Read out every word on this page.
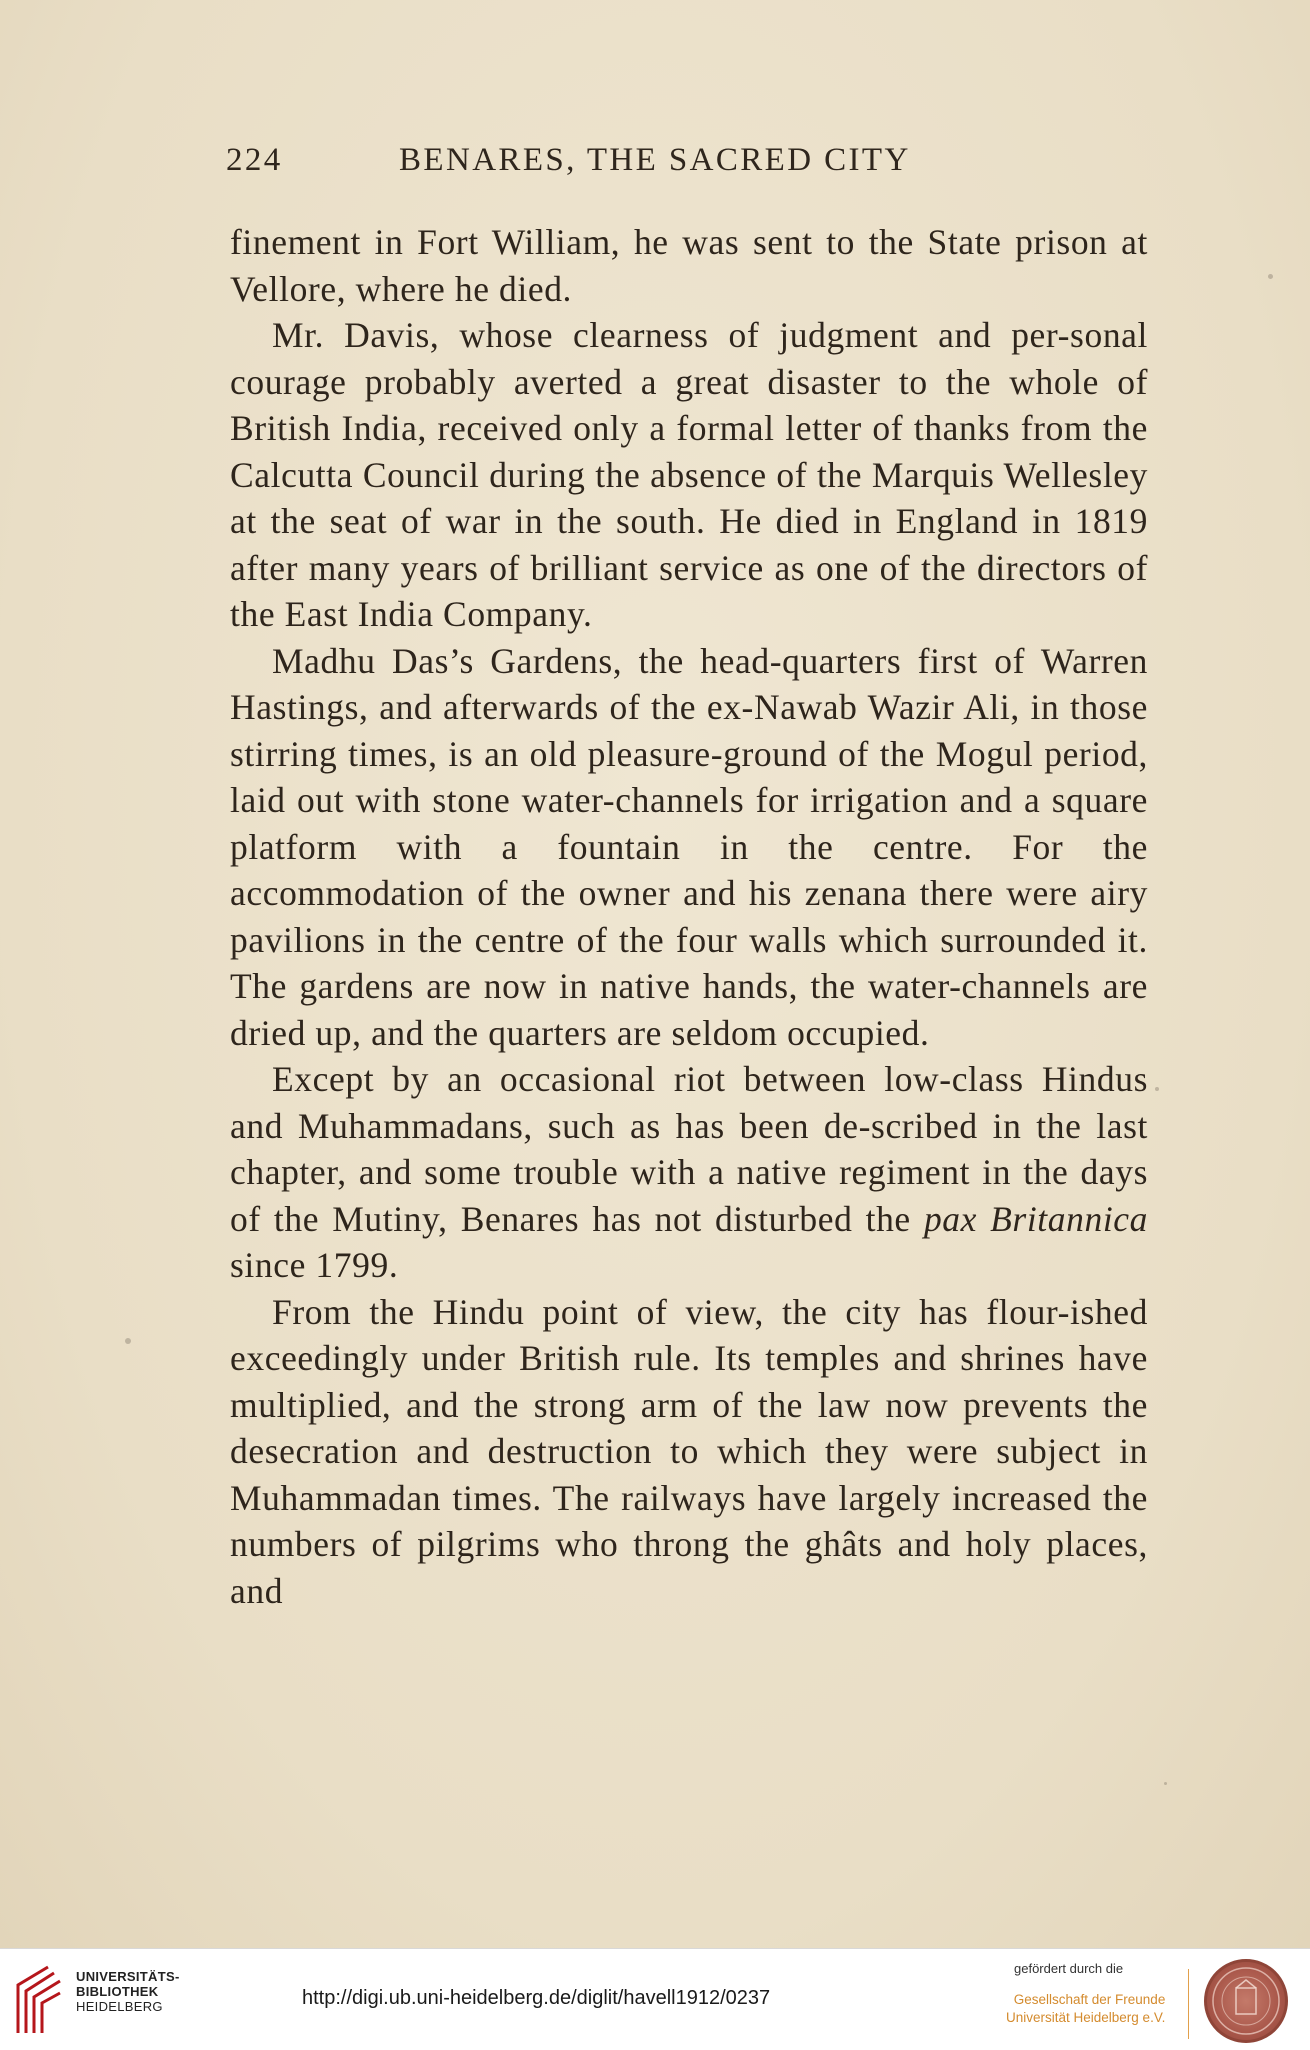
224	BENARES, THE SACRED CITY

finement in Fort William, he was sent to the State prison at Vellore, where he died.

Mr. Davis, whose clearness of judgment and per-sonal courage probably averted a great disaster to the whole of British India, received only a formal letter of thanks from the Calcutta Council during the absence of the Marquis Wellesley at the seat of war in the south. He died in England in 1819 after many years of brilliant service as one of the directors of the East India Company.

Madhu Das’s Gardens, the head-quarters first of Warren Hastings, and afterwards of the ex-Nawab Wazir Ali, in those stirring times, is an old pleasure-ground of the Mogul period, laid out with stone water-channels for irrigation and a square platform with a fountain in the centre. For the accommodation of the owner and his zenana there were airy pavilions in the centre of the four walls which surrounded it. The gardens are now in native hands, the water-channels are dried up, and the quarters are seldom occupied.

Except by an occasional riot between low-class Hindus and Muhammadans, such as has been de-scribed in the last chapter, and some trouble with a native regiment in the days of the Mutiny, Benares has not disturbed the pax Britannica since 1799.

From the Hindu point of view, the city has flour-ished exceedingly under British rule. Its temples and shrines have multiplied, and the strong arm of the law now prevents the desecration and destruction to which they were subject in Muhammadan times. The railways have largely increased the numbers of pilgrims who throng the ghâts and holy places, and

UNIVERSITÄTS-
BIBLIOTHEK
HEIDELBERG	http://digi.ub.uni-heidelberg.de/diglit/havell1912/0237
gefördert durch die
Gesellschaft der Freunde
Universität Heidelberg e.V.
